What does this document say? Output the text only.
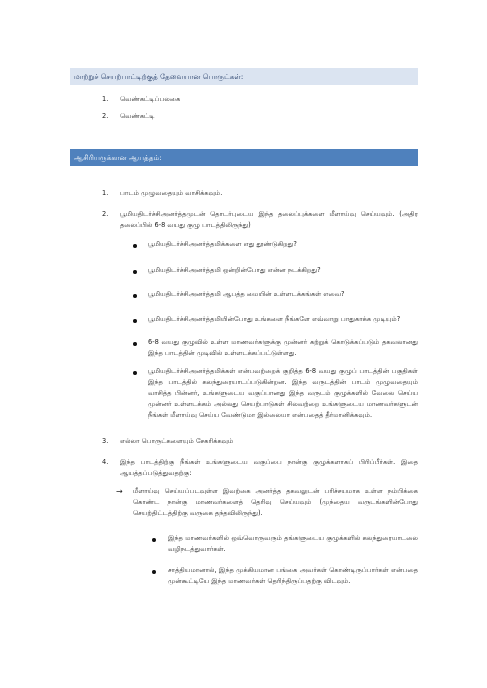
மாற்றுச் செயற்பாட்டிற்குத் தேவையான பொருட்கள்:
1. வெண்கட்டிப்பலகை
2. வெண்கட்டி
ஆசிரியருக்கான ஆயத்தம்:
1. பாடம் முழுவதையும் வாசிக்கவும்.
2. பூமியதிடர்ச்சிஅனர்த்தமுடன் தொடர்புடைய இந்த தலைப்புக்களை மீளாய்வு செய்யவும். (அதிர தலைப்பில் 6-8 வயது குழு பாடத்திலிருந்து)
பூமியதிடர்ச்சிஅனர்த்தமிக்களை எது தூண்டுகிறது?
பூமியதிடர்ச்சிஅனர்த்தமி ஒன்றின்போது என்ன நடக்கிறது?
பூமியதிடர்ச்சிஅனர்த்தமி ஆபத்த மையின் உள்ளடக்கங்கள் எவை?
பூமியதிடர்ச்சிஅனர்த்தமியின்போது உங்களை நீங்களே எவ்வாறு பாதுகாக்க முடியும்?
6-8 வயது குழுவில் உள்ள மாணவர்களுக்கு முன்னர் கற்றுக் கொடுக்கப்படும் தகவலானது இந்த பாடத்தின் முடிவில் உள்ளடக்கப்பட்டுள்ளது.
பூமியதிடர்ச்சிஅனர்த்தமிக்கள் என்பவற்றைக் குறித்த 6-8 வயது குழுப் பாடத்தின் பகுதிகள் இந்த பாடத்தில் கலந்துரையாடப்படுகின்றன. இந்த வருடத்தின் பாடம் முழுவதையும் வாசித்த பின்னர், உங்களுடைய வகுப்பானது இந்த வருடம் குழுக்களில் வேலை செய்ய முன்னர் உள்ளடக்கம் அல்லது செயற்பாடுகள் சிலவற்றை உங்களுடைய மாணவர்களுடன் நீங்கள் மீளாய்வு செய்ய வேண்டுமா இல்லையா என்பதைத் தீர்மானிக்கவும்.
3. எல்லா பொருட்களையும் சேகரிக்கவும்
4. இந்த பாடத்திற்கு நீங்கள் உங்களுடைய வகுப்பை நான்கு குழுக்களாகப் பிரிப்பீர்கள். இதை ஆயத்தப்படுத்துவதற்கு:
→ மீளாய்வு செய்யப்படவுள்ள இவற்கை அனர்த்த தகவலுடன் பரிச்சயமாக உள்ள நம்பிக்கை கொண்ட நான்கு மாணவர்களைத் தெரிவு செய்யவும் (முந்தைய வருடங்களின்போது செயற்திட்டத்திற்கு வருகை தந்தவிலிருந்து).
இந்த மாணவர்களில் ஒவ்வொருவரும் தங்களுடைய குழுக்களில் கலந்துரையாடலை வழிநடத்துவார்கள்.
சாத்தியமானால், இந்த முக்கியமான பங்கை அவர்கள் கொண்டிருப்பார்கள் என்பதை முன்கூட்டியே இந்த மாணவர்கள் தெரிந்திருப்பதற்கு விடவும்.
